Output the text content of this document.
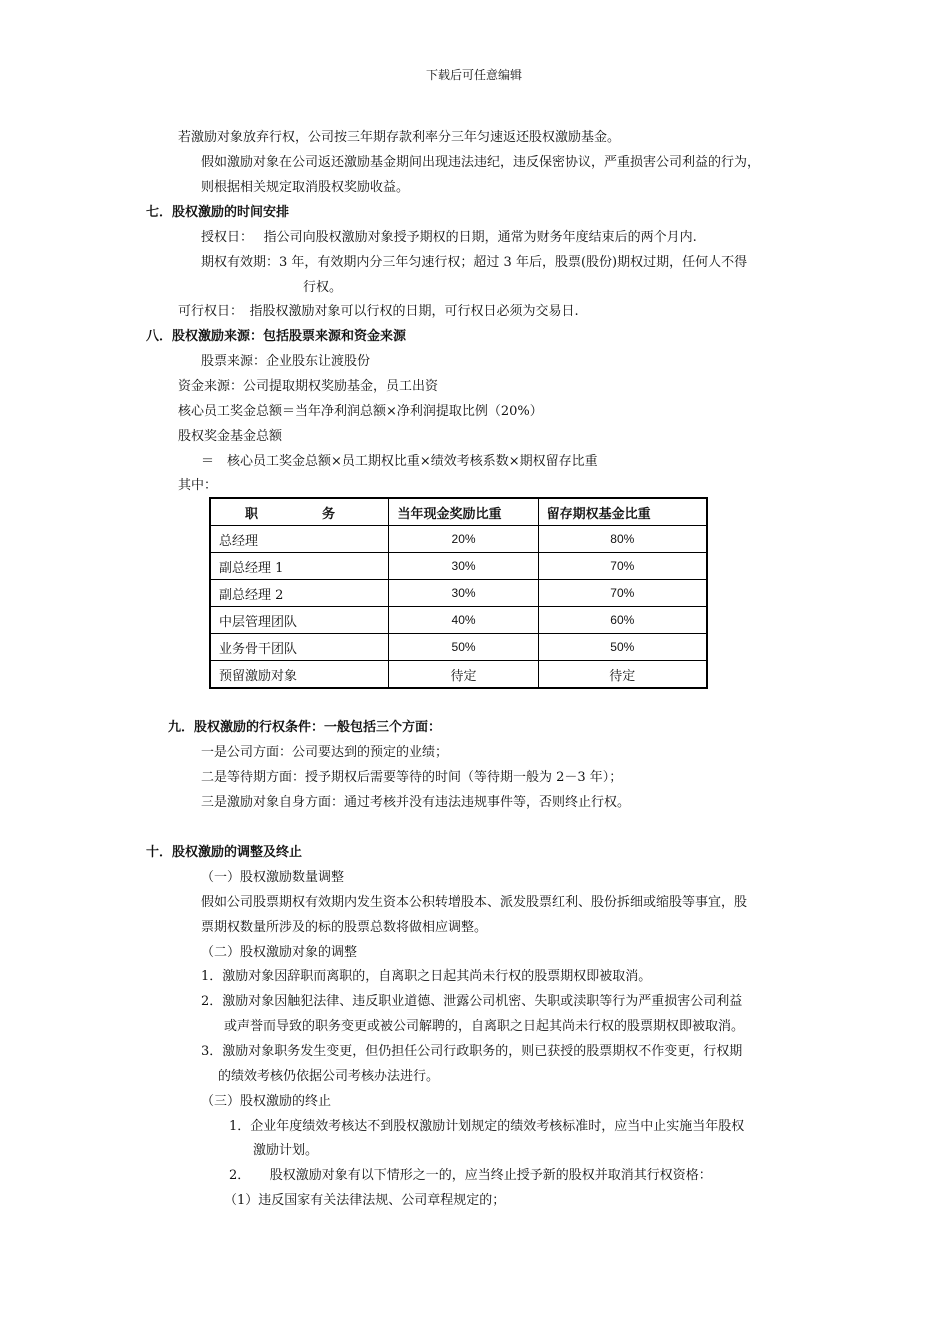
下载后可任意编辑
若激励对象放弃行权，公司按三年期存款利率分三年匀速返还股权激励基金。
假如激励对象在公司返还激励基金期间出现违法违纪，违反保密协议，严重损害公司利益的行为，
则根据相关规定取消股权奖励收益。
七．股权激励的时间安排
授权日：　 指公司向股权激励对象授予期权的日期，通常为财务年度结束后的两个月内.
期权有效期：3 年，有效期内分三年匀速行权；超过 3 年后，股票(股份)期权过期，任何人不得
行权。
可行权日：　指股权激励对象可以行权的日期，可行权日必须为交易日.
八．股权激励来源：包括股票来源和资金来源
股票来源：企业股东让渡股份
资金来源：公司提取期权奖励基金，员工出资
核心员工奖金总额＝当年净利润总额×净利润提取比例（20%）
股权奖金基金总额
＝　核心员工奖金总额×员工期权比重×绩效考核系数×期权留存比重
其中：
职 务	当年现金奖励比重	留存期权基金比重
总经理	20%	80%
副总经理 1	30%	70%
副总经理 2	30%	70%
中层管理团队	40%	60%
业务骨干团队	50%	50%
预留激励对象	待定	待定
九．股权激励的行权条件：一般包括三个方面：
一是公司方面：公司要达到的预定的业绩；
二是等待期方面：授予期权后需要等待的时间（等待期一般为 2－3 年）；
三是激励对象自身方面：通过考核并没有违法违规事件等，否则终止行权。
十．股权激励的调整及终止
（一）股权激励数量调整
假如公司股票期权有效期内发生资本公积转增股本、派发股票红利、股份拆细或缩股等事宜，股
票期权数量所涉及的标的股票总数将做相应调整。
（二）股权激励对象的调整
1．激励对象因辞职而离职的，自离职之日起其尚未行权的股票期权即被取消。
2．激励对象因触犯法律、违反职业道德、泄露公司机密、失职或渎职等行为严重损害公司利益
或声誉而导致的职务变更或被公司解聘的，自离职之日起其尚未行权的股票期权即被取消。
3．激励对象职务发生变更，但仍担任公司行政职务的，则已获授的股票期权不作变更，行权期
的绩效考核仍依据公司考核办法进行。
（三）股权激励的终止
1．企业年度绩效考核达不到股权激励计划规定的绩效考核标准时，应当中止实施当年股权
激励计划。
2．　　股权激励对象有以下情形之一的，应当终止授予新的股权并取消其行权资格：
（1）违反国家有关法律法规、公司章程规定的；
